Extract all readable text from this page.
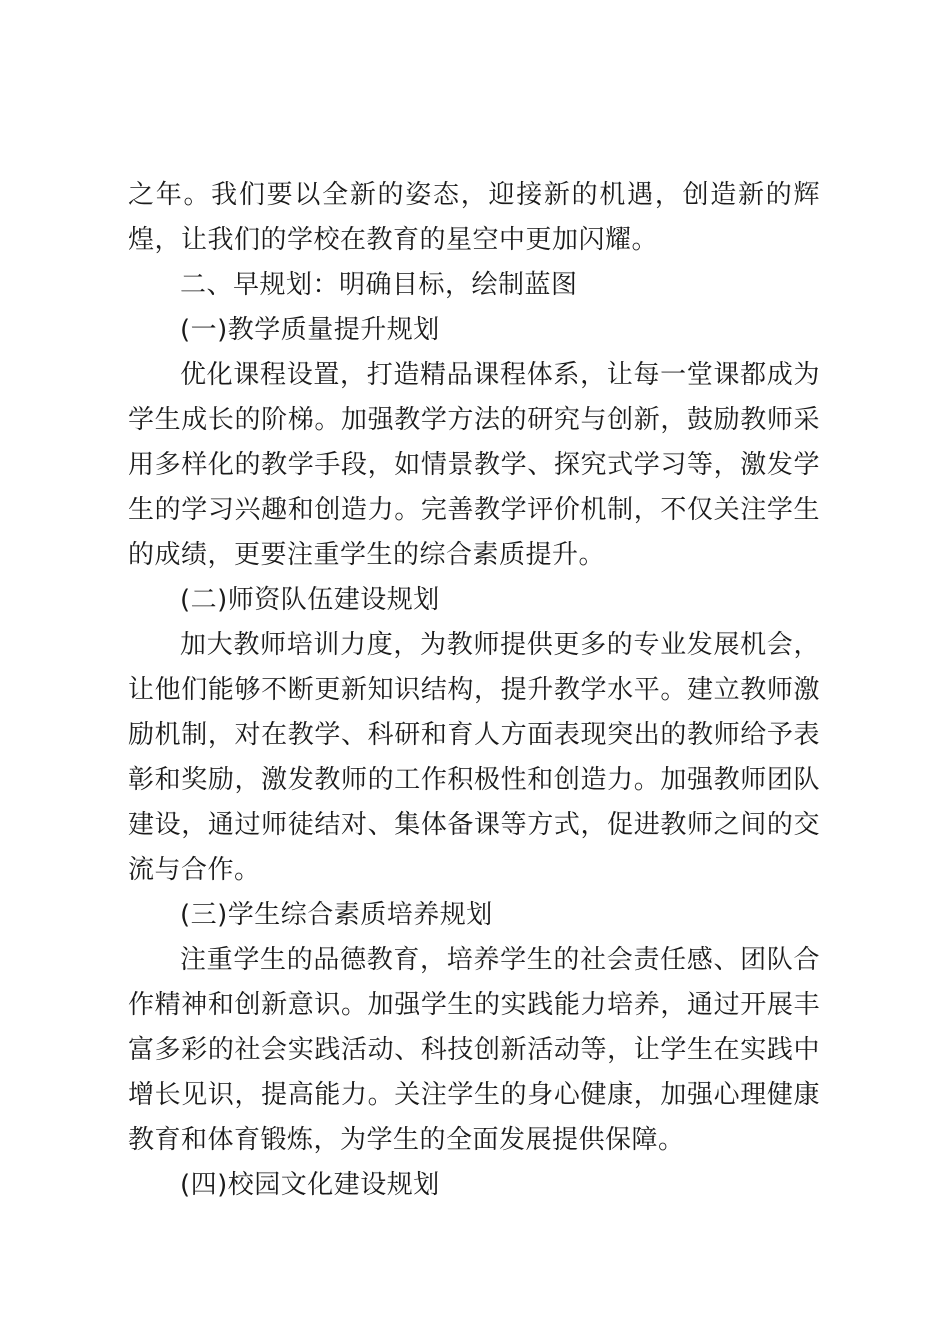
之年。我们要以全新的姿态，迎接新的机遇，创造新的辉煌，让我们的学校在教育的星空中更加闪耀。

二、早规划：明确目标，绘制蓝图

(一)教学质量提升规划

优化课程设置，打造精品课程体系，让每一堂课都成为学生成长的阶梯。加强教学方法的研究与创新，鼓励教师采用多样化的教学手段，如情景教学、探究式学习等，激发学生的学习兴趣和创造力。完善教学评价机制，不仅关注学生的成绩，更要注重学生的综合素质提升。

(二)师资队伍建设规划

加大教师培训力度，为教师提供更多的专业发展机会，让他们能够不断更新知识结构，提升教学水平。建立教师激励机制，对在教学、科研和育人方面表现突出的教师给予表彰和奖励，激发教师的工作积极性和创造力。加强教师团队建设，通过师徒结对、集体备课等方式，促进教师之间的交流与合作。

(三)学生综合素质培养规划

注重学生的品德教育，培养学生的社会责任感、团队合作精神和创新意识。加强学生的实践能力培养，通过开展丰富多彩的社会实践活动、科技创新活动等，让学生在实践中增长见识，提高能力。关注学生的身心健康，加强心理健康教育和体育锻炼，为学生的全面发展提供保障。

(四)校园文化建设规划
